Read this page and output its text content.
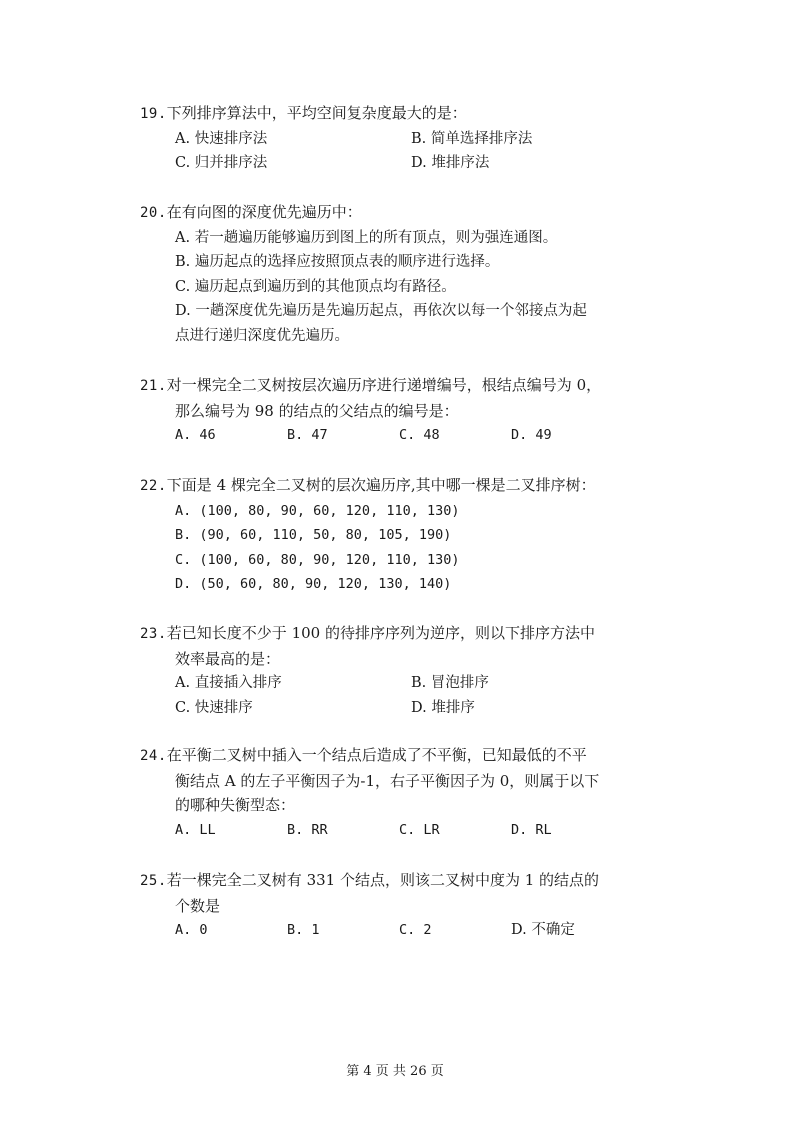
19.下列排序算法中，平均空间复杂度最大的是：
A. 快速排序法	B. 简单选择排序法
C. 归并排序法	D. 堆排序法
20.在有向图的深度优先遍历中：
A. 若一趟遍历能够遍历到图上的所有顶点，则为强连通图。
B. 遍历起点的选择应按照顶点表的顺序进行选择。
C. 遍历起点到遍历到的其他顶点均有路径。
D. 一趟深度优先遍历是先遍历起点，再依次以每一个邻接点为起
点进行递归深度优先遍历。
21.对一棵完全二叉树按层次遍历序进行递增编号，根结点编号为 0，
那么编号为 98 的结点的父结点的编号是：
A. 46	B. 47	C. 48	D. 49
22.下面是 4 棵完全二叉树的层次遍历序,其中哪一棵是二叉排序树：
A. (100, 80, 90, 60, 120, 110, 130)
B. (90, 60, 110, 50, 80, 105, 190)
C. (100, 60, 80, 90, 120, 110, 130)
D. (50, 60, 80, 90, 120, 130, 140)
23.若已知长度不少于 100 的待排序序列为逆序，则以下排序方法中
效率最高的是：
A. 直接插入排序	B. 冒泡排序
C. 快速排序	D. 堆排序
24.在平衡二叉树中插入一个结点后造成了不平衡，已知最低的不平
衡结点 A 的左子平衡因子为-1，右子平衡因子为 0，则属于以下
的哪种失衡型态：
A. LL	B. RR	C. LR	D. RL
25.若一棵完全二叉树有 331 个结点，则该二叉树中度为 1 的结点的
个数是
A. 0	B. 1	C. 2	D. 不确定
第 4 页 共 26 页
